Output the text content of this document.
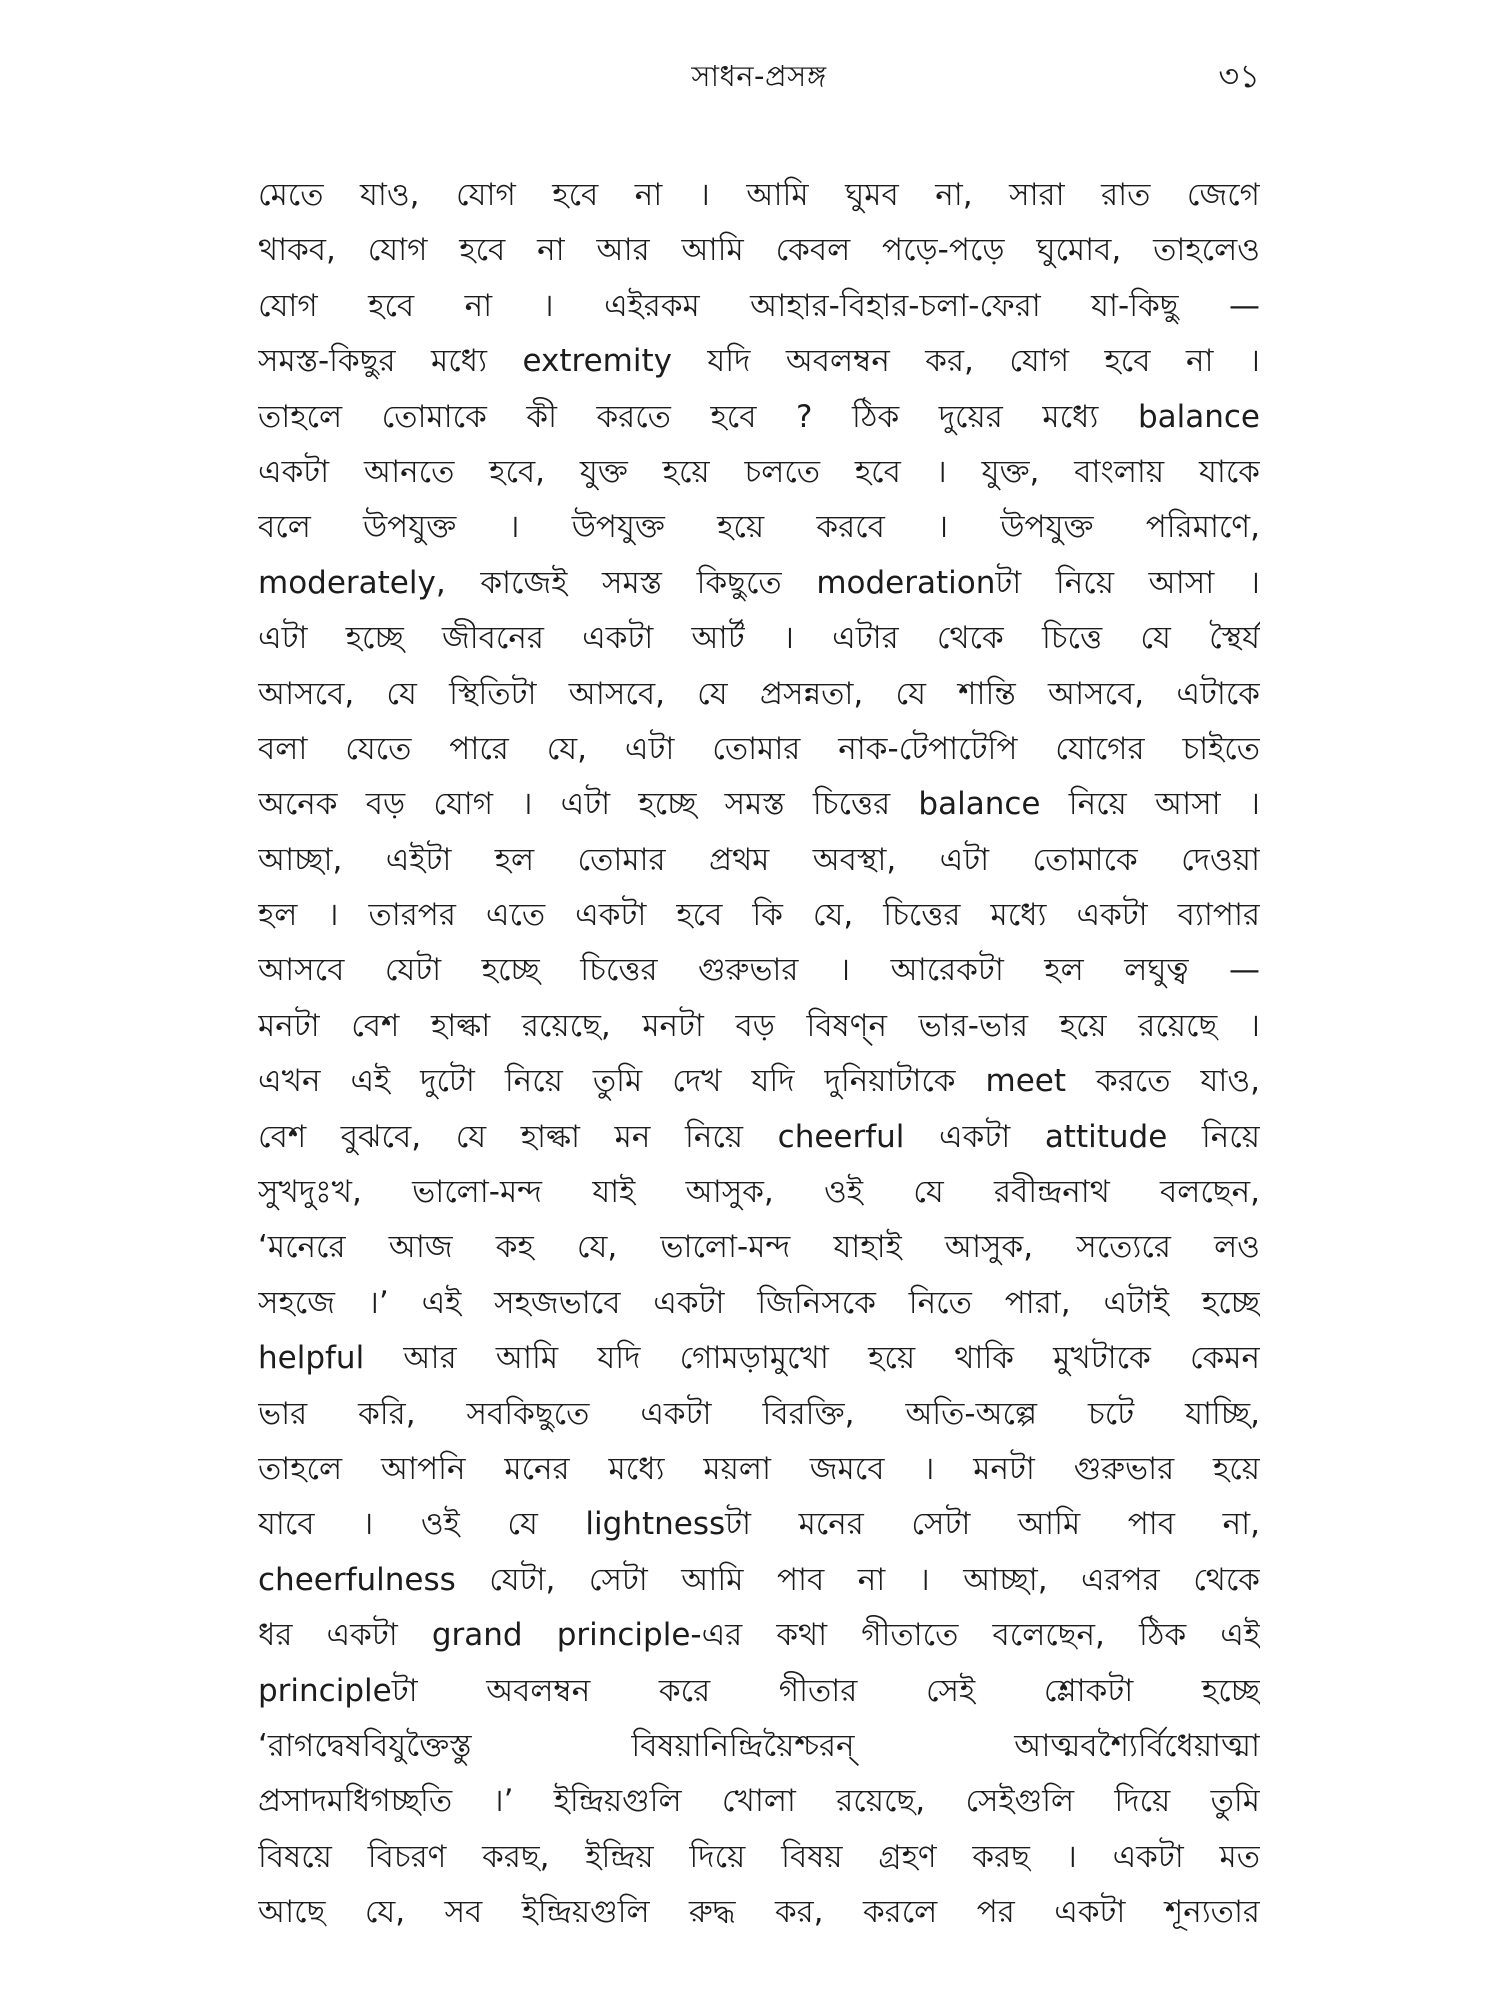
সাধন-প্রসঙ্গ	৩১
মেতে যাও, যোগ হবে না । আমি ঘুমব না, সারা রাত জেগে
থাকব, যোগ হবে না আর আমি কেবল পড়ে-পড়ে ঘুমোব, তাহলেও
যোগ হবে না । এইরকম আহার-বিহার-চলা-ফেরা যা-কিছু —
সমস্ত-কিছুর মধ্যে extremity যদি অবলম্বন কর, যোগ হবে না ।
তাহলে তোমাকে কী করতে হবে ? ঠিক দুয়ের মধ্যে balance
একটা আনতে হবে, যুক্ত হয়ে চলতে হবে । যুক্ত, বাংলায় যাকে
বলে উপযুক্ত । উপযুক্ত হয়ে করবে । উপযুক্ত পরিমাণে,
moderately, কাজেই সমস্ত কিছুতে moderationটা নিয়ে আসা ।
এটা হচ্ছে জীবনের একটা আর্ট । এটার থেকে চিত্তে যে স্থৈর্য
আসবে, যে স্থিতিটা আসবে, যে প্রসন্নতা, যে শান্তি আসবে, এটাকে
বলা যেতে পারে যে, এটা তোমার নাক-টেপাটেপি যোগের চাইতে
অনেক বড় যোগ । এটা হচ্ছে সমস্ত চিত্তের balance নিয়ে আসা ।
আচ্ছা, এইটা হল তোমার প্রথম অবস্থা, এটা তোমাকে দেওয়া
হল । তারপর এতে একটা হবে কি যে, চিত্তের মধ্যে একটা ব্যাপার
আসবে যেটা হচ্ছে চিত্তের গুরুভার । আরেকটা হল লঘুত্ব —
মনটা বেশ হাল্কা রয়েছে, মনটা বড় বিষণ্ন ভার-ভার হয়ে রয়েছে ।
এখন এই দুটো নিয়ে তুমি দেখ যদি দুনিয়াটাকে meet করতে যাও,
বেশ বুঝবে, যে হাল্কা মন নিয়ে cheerful একটা attitude নিয়ে
সুখদুঃখ, ভালো-মন্দ যাই আসুক, ওই যে রবীন্দ্রনাথ বলছেন,
‘মনেরে আজ কহ যে, ভালো-মন্দ যাহাই আসুক, সত্যেরে লও
সহজে ।’ এই সহজভাবে একটা জিনিসকে নিতে পারা, এটাই হচ্ছে
helpful আর আমি যদি গোমড়ামুখো হয়ে থাকি মুখটাকে কেমন
ভার করি, সবকিছুতে একটা বিরক্তি, অতি-অল্পে চটে যাচ্ছি,
তাহলে আপনি মনের মধ্যে ময়লা জমবে । মনটা গুরুভার হয়ে
যাবে । ওই যে lightnessটা মনের সেটা আমি পাব না,
cheerfulness যেটা, সেটা আমি পাব না । আচ্ছা, এরপর থেকে
ধর একটা grand principle-এর কথা গীতাতে বলেছেন, ঠিক এই
principleটা অবলম্বন করে গীতার সেই শ্লোকটা হচ্ছে
‘রাগদ্বেষবিযুক্তৈস্তু বিষয়ানিন্দ্রিয়ৈশ্চরন্ আত্মবশ্যৈর্বিধেয়াত্মা
প্রসাদমধিগচ্ছতি ।’ ইন্দ্রিয়গুলি খোলা রয়েছে, সেইগুলি দিয়ে তুমি
বিষয়ে বিচরণ করছ, ইন্দ্রিয় দিয়ে বিষয় গ্রহণ করছ । একটা মত
আছে যে, সব ইন্দ্রিয়গুলি রুদ্ধ কর, করলে পর একটা শূন্যতার
